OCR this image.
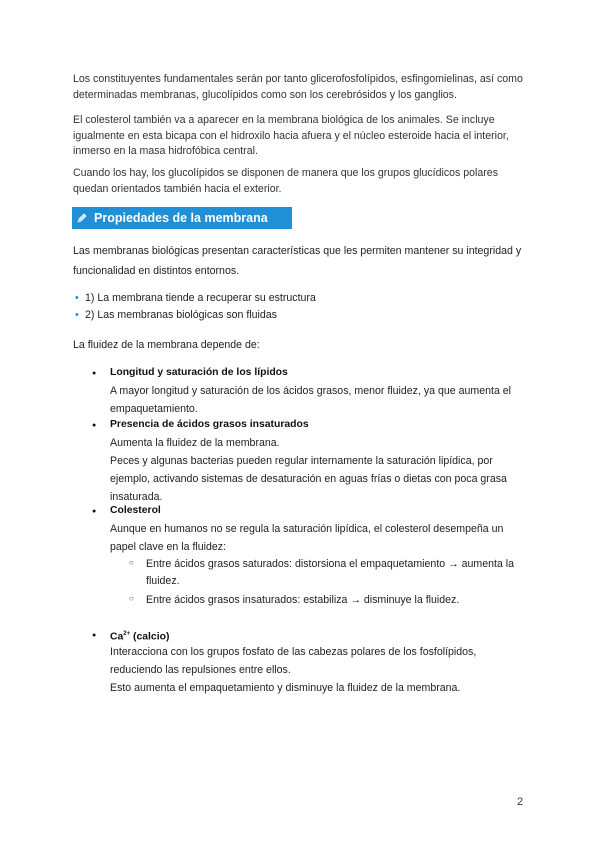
Los constituyentes fundamentales serán por tanto glicerofosfolípidos, esfingomielinas, así como determinadas membranas, glucolípidos como son los cerebrósidos y los ganglios.

El colesterol también va a aparecer en la membrana biológica de los animales. Se incluye igualmente en esta bicapa con el hidroxilo hacia afuera y el núcleo esteroide hacia el interior, inmerso en la masa hidrofóbica central.

Cuando los hay, los glucolípidos se disponen de manera que los grupos glucídicos polares quedan orientados también hacia el exterior.

Propiedades de la membrana

Las membranas biológicas presentan características que les permiten mantener su integridad y funcionalidad en distintos entornos.

• 1) La membrana tiende a recuperar su estructura
• 2) Las membranas biológicas son fluidas

La fluidez de la membrana depende de:

● Longitud y saturación de los lípidos

A mayor longitud y saturación de los ácidos grasos, menor fluidez, ya que aumenta el empaquetamiento.

● Presencia de ácidos grasos insaturados

Aumenta la fluidez de la membrana.

Peces y algunas bacterias pueden regular internamente la saturación lipídica, por ejemplo, activando sistemas de desaturación en aguas frías o dietas con poca grasa insaturada.

● Colesterol

Aunque en humanos no se regula la saturación lipídica, el colesterol desempeña un papel clave en la fluidez:

○ Entre ácidos grasos saturados: distorsiona el empaquetamiento → aumenta la fluidez.

○ Entre ácidos grasos insaturados: estabiliza → disminuye la fluidez.

● $Ca^{2+}$ (calcio)

Interacciona con los grupos fosfato de las cabezas polares de los fosfolípidos, reduciendo las repulsiones entre ellos.

Esto aumenta el empaquetamiento y disminuye la fluidez de la membrana.

2
